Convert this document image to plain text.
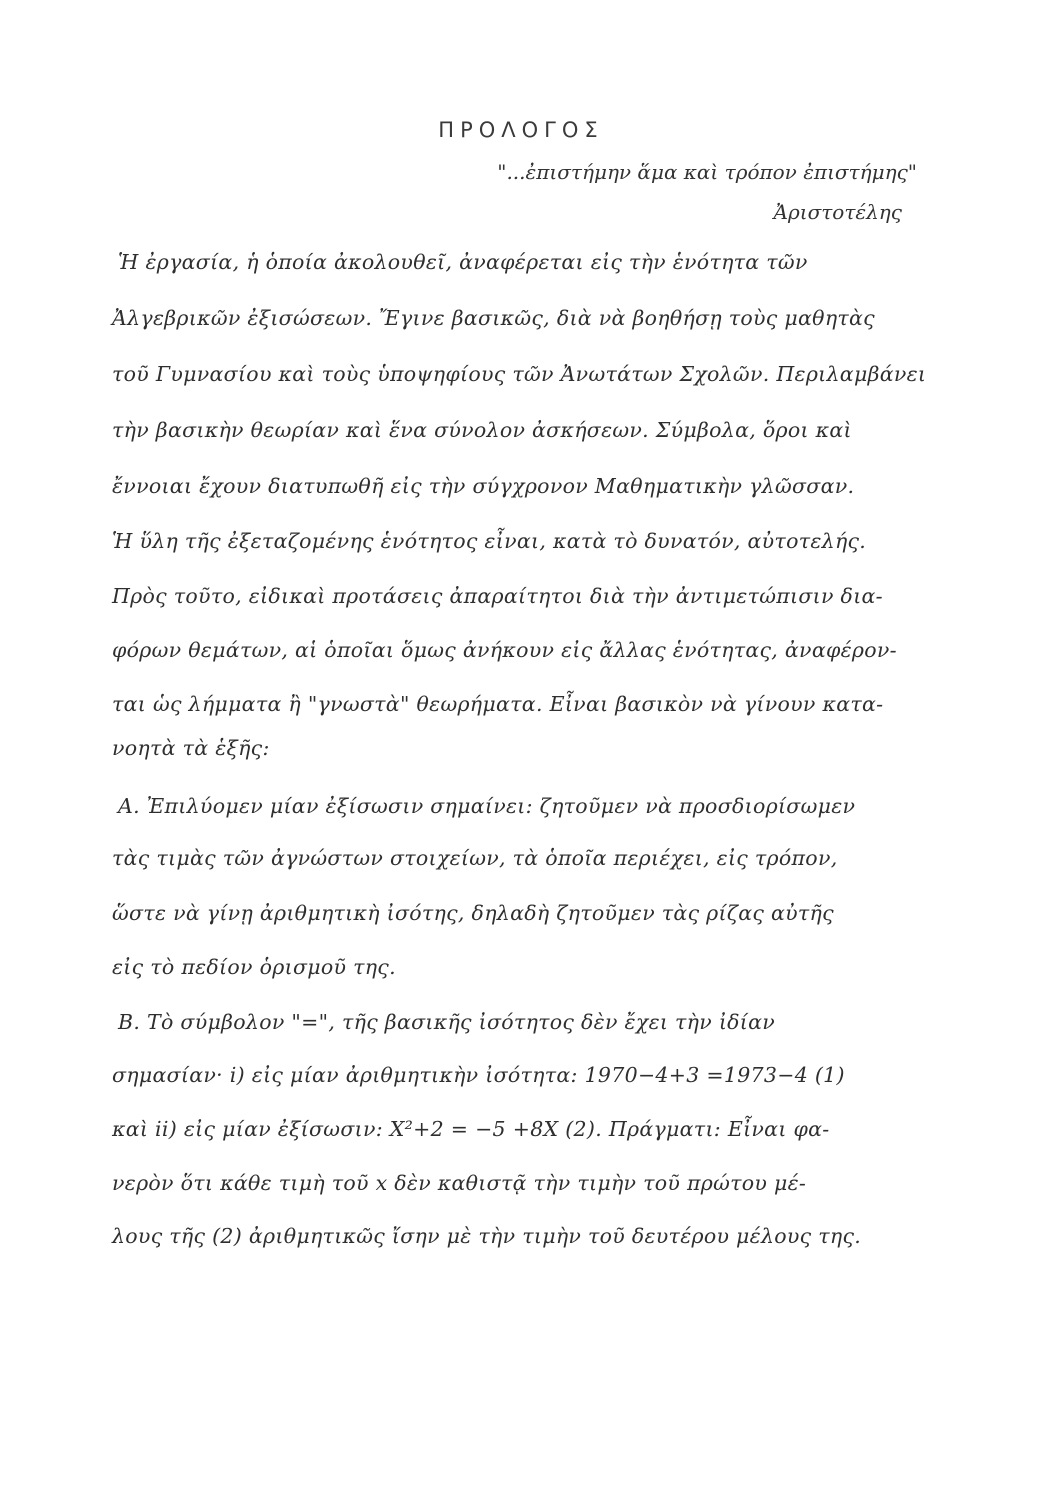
ΠΡΟΛΟΓΟΣ
"...ἐπιστήμην ἅμα καὶ τρόπον ἐπιστήμης"
Ἀριστοτέλης
Ἡ ἐργασία, ἡ ὁποία ἀκολουθεῖ, ἀναφέρεται εἰς τὴν ἑνότητα τῶν
Ἀλγεβρικῶν ἐξισώσεων. Ἔγινε βασικῶς, διὰ νὰ βοηθήσῃ τοὺς μαθητὰς
τοῦ Γυμνασίου καὶ τοὺς ὑποψηφίους τῶν Ἀνωτάτων Σχολῶν. Περιλαμβάνει
τὴν βασικὴν θεωρίαν καὶ ἕνα σύνολον ἀσκήσεων. Σύμβολα, ὅροι καὶ
ἔννοιαι ἔχουν διατυπωθῆ εἰς τὴν σύγχρονον Μαθηματικὴν γλῶσσαν.
Ἡ ὕλη τῆς ἐξεταζομένης ἑνότητος εἶναι, κατὰ τὸ δυνατόν, αὐτοτελής.
Πρὸς τοῦτο, εἰδικαὶ προτάσεις ἀπαραίτητοι διὰ τὴν ἀντιμετώπισιν δια-
φόρων θεμάτων, αἱ ὁποῖαι ὅμως ἀνήκουν εἰς ἄλλας ἑνότητας, ἀναφέρον-
ται ὡς λήμματα ἢ "γνωστὰ" θεωρήματα. Εἶναι βασικὸν νὰ γίνουν κατα-
νοητὰ τὰ ἑξῆς:
Α. Ἐπιλύομεν μίαν ἐξίσωσιν σημαίνει: ζητοῦμεν νὰ προσδιορίσωμεν
τὰς τιμὰς τῶν ἀγνώστων στοιχείων, τὰ ὁποῖα περιέχει, εἰς τρόπον,
ὥστε νὰ γίνῃ ἀριθμητικὴ ἰσότης, δηλαδὴ ζητοῦμεν τὰς ρίζας αὐτῆς
εἰς τὸ πεδίον ὁρισμοῦ της.
Β. Τὸ σύμβολον "=", τῆς βασικῆς ἰσότητος δὲν ἔχει τὴν ἰδίαν
σημασίαν· i) εἰς μίαν ἀριθμητικὴν ἰσότητα: 1970−4+3 =1973−4 (1)
καὶ ii) εἰς μίαν ἐξίσωσιν: X²+2 = −5 +8X (2). Πράγματι: Εἶναι φα-
νερὸν ὅτι κάθε τιμὴ τοῦ x δὲν καθιστᾷ τὴν τιμὴν τοῦ πρώτου μέ-
λους τῆς (2) ἀριθμητικῶς ἴσην μὲ τὴν τιμὴν τοῦ δευτέρου μέλους της.
